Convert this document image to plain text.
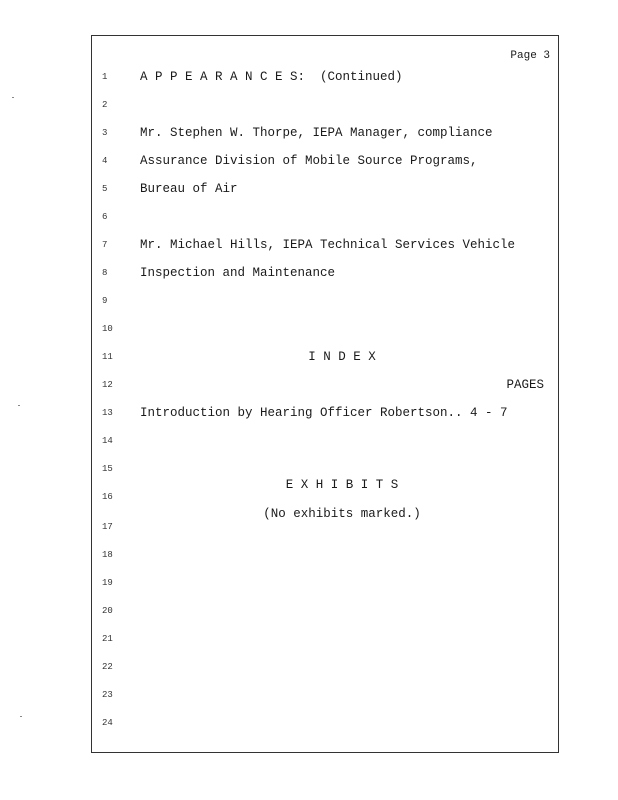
Page 3
1	A P P E A R A N C E S:  (Continued)
2
3	Mr. Stephen W. Thorpe, IEPA Manager, compliance
4	Assurance Division of Mobile Source Programs,
5	Bureau of Air
6
7	Mr. Michael Hills, IEPA Technical Services Vehicle
8	Inspection and Maintenance
9
10
11	I N D E X
12	PAGES
13	Introduction by Hearing Officer Robertson.. 4 - 7
14
15
E X H I B I T S
16
(No exhibits marked.)
17
18
19
20
21
22
23
24
